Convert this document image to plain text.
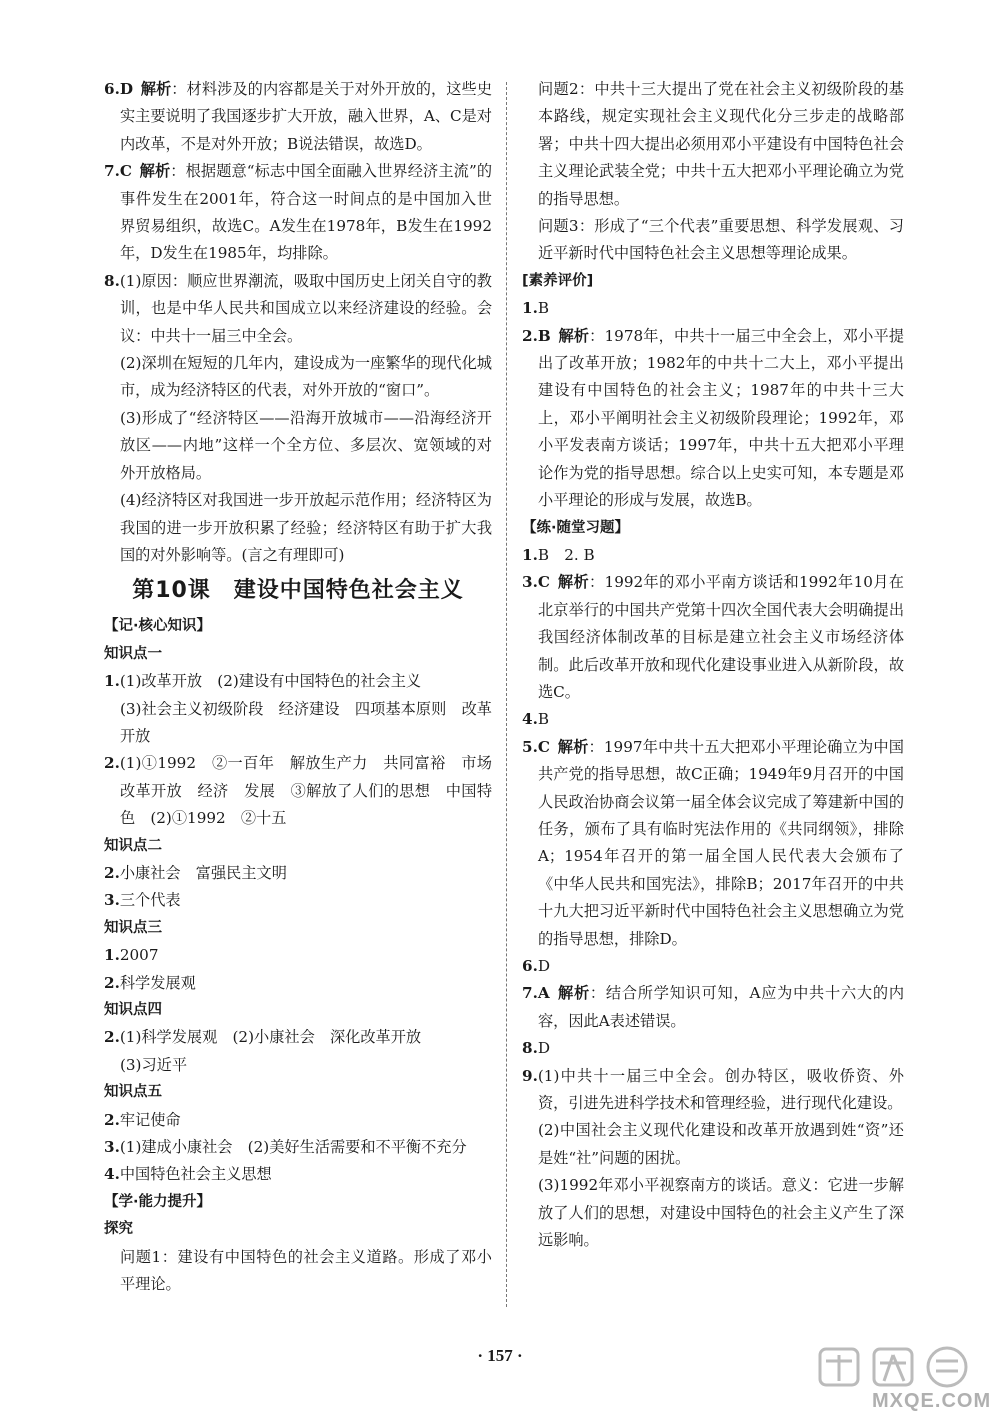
6.D  解析：材料涉及的内容都是关于对外开放的，这些史实主要说明了我国逐步扩大开放，融入世界，A、C是对内改革，不是对外开放；B说法错误，故选D。

7.C  解析：根据题意“标志中国全面融入世界经济主流”的事件发生在2001年，符合这一时间点的是中国加入世界贸易组织，故选C。A发生在1978年，B发生在1992年，D发生在1985年，均排除。

8.(1)原因：顺应世界潮流，吸取中国历史上闭关自守的教训，也是中华人民共和国成立以来经济建设的经验。会议：中共十一届三中全会。

(2)深圳在短短的几年内，建设成为一座繁华的现代化城市，成为经济特区的代表，对外开放的“窗口”。

(3)形成了“经济特区——沿海开放城市——沿海经济开放区——内地”这样一个全方位、多层次、宽领域的对外开放格局。

(4)经济特区对我国进一步开放起示范作用；经济特区为我国的进一步开放积累了经验；经济特区有助于扩大我国的对外影响等。(言之有理即可)

第10课　建设中国特色社会主义

【记·核心知识】

知识点一

1.(1)改革开放　(2)建设有中国特色的社会主义

(3)社会主义初级阶段　经济建设　四项基本原则　改革开放

2.(1)①1992　②一百年　解放生产力　共同富裕　市场　改革开放　经济　发展　③解放了人们的思想　中国特色　(2)①1992　②十五

知识点二

2.小康社会　富强民主文明

3.三个代表

知识点三

1.2007

2.科学发展观

知识点四

2.(1)科学发展观　(2)小康社会　深化改革开放

(3)习近平

知识点五

2.牢记使命

3.(1)建成小康社会　(2)美好生活需要和不平衡不充分

4.中国特色社会主义思想

【学·能力提升】

探究

问题1：建设有中国特色的社会主义道路。形成了邓小平理论。

问题2：中共十三大提出了党在社会主义初级阶段的基本路线，规定实现社会主义现代化分三步走的战略部署；中共十四大提出必须用邓小平建设有中国特色社会主义理论武装全党；中共十五大把邓小平理论确立为党的指导思想。

问题3：形成了“三个代表”重要思想、科学发展观、习近平新时代中国特色社会主义思想等理论成果。

[素养评价]

1.B

2.B  解析：1978年，中共十一届三中全会上，邓小平提出了改革开放；1982年的中共十二大上，邓小平提出建设有中国特色的社会主义；1987年的中共十三大上，邓小平阐明社会主义初级阶段理论；1992年，邓小平发表南方谈话；1997年，中共十五大把邓小平理论作为党的指导思想。综合以上史实可知，本专题是邓小平理论的形成与发展，故选B。

【练·随堂习题】

1.B　2. B

3.C  解析：1992年的邓小平南方谈话和1992年10月在北京举行的中国共产党第十四次全国代表大会明确提出我国经济体制改革的目标是建立社会主义市场经济体制。此后改革开放和现代化建设事业进入从新阶段，故选C。

4.B

5.C  解析：1997年中共十五大把邓小平理论确立为中国共产党的指导思想，故C正确；1949年9月召开的中国人民政治协商会议第一届全体会议完成了筹建新中国的任务，颁布了具有临时宪法作用的《共同纲领》，排除A；1954年召开的第一届全国人民代表大会颁布了《中华人民共和国宪法》，排除B；2017年召开的中共十九大把习近平新时代中国特色社会主义思想确立为党的指导思想，排除D。

6.D

7.A  解析：结合所学知识可知，A应为中共十六大的内容，因此A表述错误。

8.D

9.(1)中共十一届三中全会。创办特区，吸收侨资、外资，引进先进科学技术和管理经验，进行现代化建设。

(2)中国社会主义现代化建设和改革开放遇到姓“资”还是姓“社”问题的困扰。

(3)1992年邓小平视察南方的谈话。意义：它进一步解放了人们的思想，对建设中国特色的社会主义产生了深远影响。

· 157 ·
MXQE.COM
